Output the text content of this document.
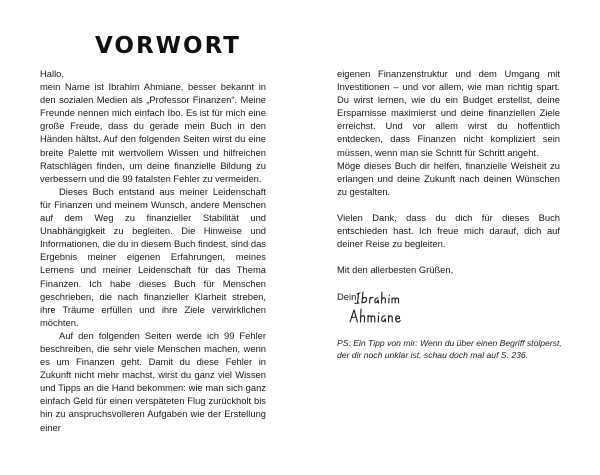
VORWORT

Hallo,

mein Name ist Ibrahim Ahmiane, besser bekannt in den sozialen Medien als „Professor Finanzen“. Meine Freunde nennen mich einfach Ibo. Es ist für mich eine große Freude, dass du gerade mein Buch in den Händen hältst. Auf den folgenden Seiten wirst du eine breite Palette mit wertvollem Wissen und hilfreichen Ratschlägen finden, um deine finanzielle Bildung zu verbessern und die 99 fatalsten Fehler zu vermeiden.

Dieses Buch entstand aus meiner Leidenschaft für Finanzen und meinem Wunsch, andere Menschen auf dem Weg zu finanzieller Stabilität und Unabhängigkeit zu begleiten. Die Hinweise und Informationen, die du in diesem Buch findest, sind das Ergebnis meiner eigenen Erfahrungen, meines Lernens und meiner Leidenschaft für das Thema Finanzen. Ich habe dieses Buch für Menschen geschrieben, die nach finanzieller Klarheit streben, ihre Träume erfüllen und ihre Ziele verwirklichen möchten.

Auf den folgenden Seiten werde ich 99 Fehler beschreiben, die sehr viele Menschen machen, wenn es um Finanzen geht. Damit du diese Fehler in Zukunft nicht mehr machst, wirst du ganz viel Wissen und Tipps an die Hand bekommen: wie man sich ganz einfach Geld für einen verspäteten Flug zurückholt bis hin zu anspruchsvolleren Aufgaben wie der Erstellung einer

eigenen Finanzenstruktur und dem Umgang mit Investitionen – und vor allem, wie man richtig spart. Du wirst lernen, wie du ein Budget erstellst, deine Ersparnisse maximierst und deine finanziellen Ziele erreichst. Und vor allem wirst du hoffentlich entdecken, dass Finanzen nicht kompliziert sein müssen, wenn man sie Schritt für Schritt angeht.

Möge dieses Buch dir helfen, finanzielle Weisheit zu erlangen und deine Zukunft nach deinen Wünschen zu gestalten.

Vielen Dank, dass du dich für dieses Buch entschieden hast. Ich freue mich darauf, dich auf deiner Reise zu begleiten.

Mit den allerbesten Grüßen,

Dein

PS: Ein Tipp von mir: Wenn du über einen Begriff stolperst,
der dir noch unklar ist, schau doch mal auf S. 236.
